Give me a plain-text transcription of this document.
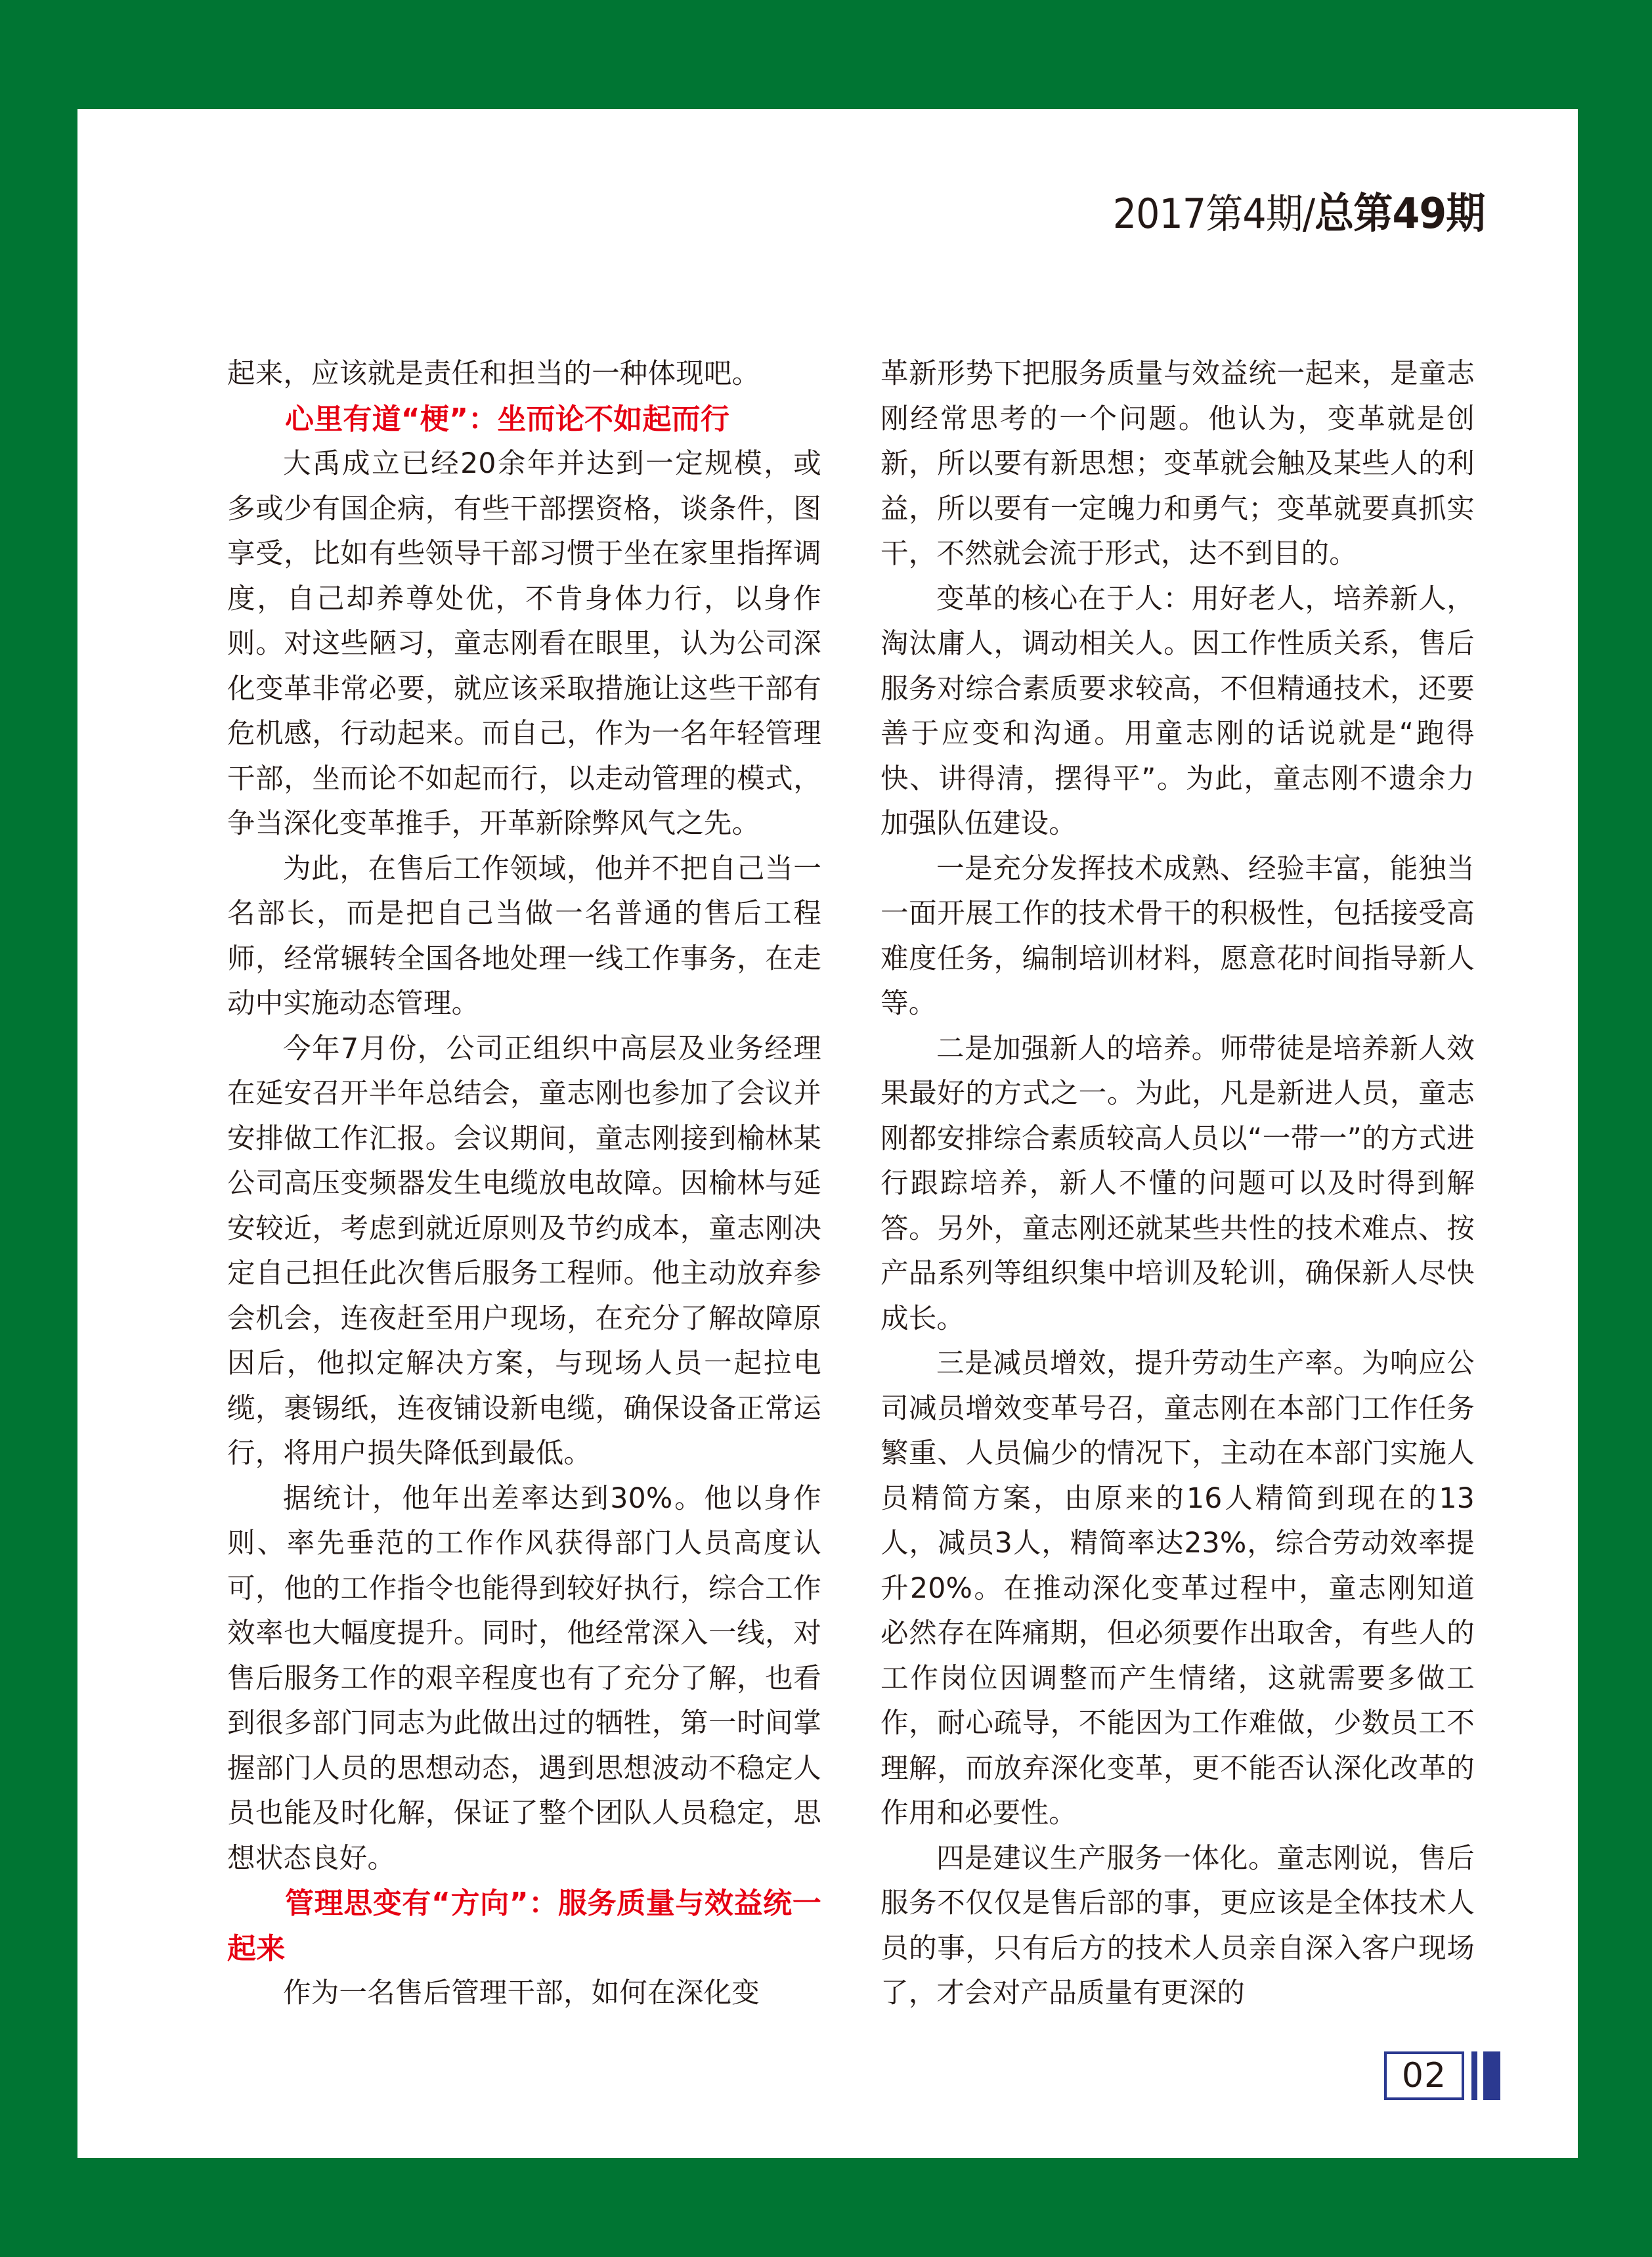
2017第4期/ 总第49期

起来，应该就是责任和担当的一种体现吧。

心里有道“梗”：坐而论不如起而行

大禹成立已经20余年并达到一定规模，或多或少有国企病，有些干部摆资格，谈条件，图享受，比如有些领导干部习惯于坐在家里指挥调度，自己却养尊处优，不肯身体力行，以身作则。对这些陋习，童志刚看在眼里，认为公司深化变革非常必要，就应该采取措施让这些干部有危机感，行动起来。而自己，作为一名年轻管理干部，坐而论不如起而行，以走动管理的模式，争当深化变革推手，开革新除弊风气之先。

为此，在售后工作领域，他并不把自己当一名部长，而是把自己当做一名普通的售后工程师，经常辗转全国各地处理一线工作事务，在走动中实施动态管理。

今年7月份，公司正组织中高层及业务经理在延安召开半年总结会，童志刚也参加了会议并安排做工作汇报。会议期间，童志刚接到榆林某公司高压变频器发生电缆放电故障。因榆林与延安较近，考虑到就近原则及节约成本，童志刚决定自己担任此次售后服务工程师。他主动放弃参会机会，连夜赶至用户现场，在充分了解故障原因后，他拟定解决方案，与现场人员一起拉电缆，裹锡纸，连夜铺设新电缆，确保设备正常运行，将用户损失降低到最低。

据统计，他年出差率达到30%。他以身作则、率先垂范的工作作风获得部门人员高度认可，他的工作指令也能得到较好执行，综合工作效率也大幅度提升。同时，他经常深入一线，对售后服务工作的艰辛程度也有了充分了解，也看到很多部门同志为此做出过的牺牲，第一时间掌握部门人员的思想动态，遇到思想波动不稳定人员也能及时化解，保证了整个团队人员稳定，思想状态良好。

管理思变有“方向”：服务质量与效益统一起来

作为一名售后管理干部，如何在深化变

革新形势下把服务质量与效益统一起来，是童志刚经常思考的一个问题。他认为，变革就是创新，所以要有新思想；变革就会触及某些人的利益，所以要有一定魄力和勇气；变革就要真抓实干，不然就会流于形式，达不到目的。

变革的核心在于人：用好老人，培养新人，淘汰庸人，调动相关人。因工作性质关系，售后服务对综合素质要求较高，不但精通技术，还要善于应变和沟通。用童志刚的话说就是“跑得快、讲得清，摆得平”。为此，童志刚不遗余力加强队伍建设。

一是充分发挥技术成熟、经验丰富，能独当一面开展工作的技术骨干的积极性，包括接受高难度任务，编制培训材料，愿意花时间指导新人等。

二是加强新人的培养。师带徒是培养新人效果最好的方式之一。为此，凡是新进人员，童志刚都安排综合素质较高人员以“一带一”的方式进行跟踪培养，新人不懂的问题可以及时得到解答。另外，童志刚还就某些共性的技术难点、按产品系列等组织集中培训及轮训，确保新人尽快成长。

三是减员增效，提升劳动生产率。为响应公司减员增效变革号召，童志刚在本部门工作任务繁重、人员偏少的情况下，主动在本部门实施人员精简方案，由原来的16人精简到现在的13人，减员3人，精简率达23%，综合劳动效率提升20%。在推动深化变革过程中，童志刚知道必然存在阵痛期，但必须要作出取舍，有些人的工作岗位因调整而产生情绪，这就需要多做工作，耐心疏导，不能因为工作难做，少数员工不理解，而放弃深化变革，更不能否认深化改革的作用和必要性。

四是建议生产服务一体化。童志刚说，售后服务不仅仅是售后部的事，更应该是全体技术人员的事，只有后方的技术人员亲自深入客户现场了，才会对产品质量有更深的

02
